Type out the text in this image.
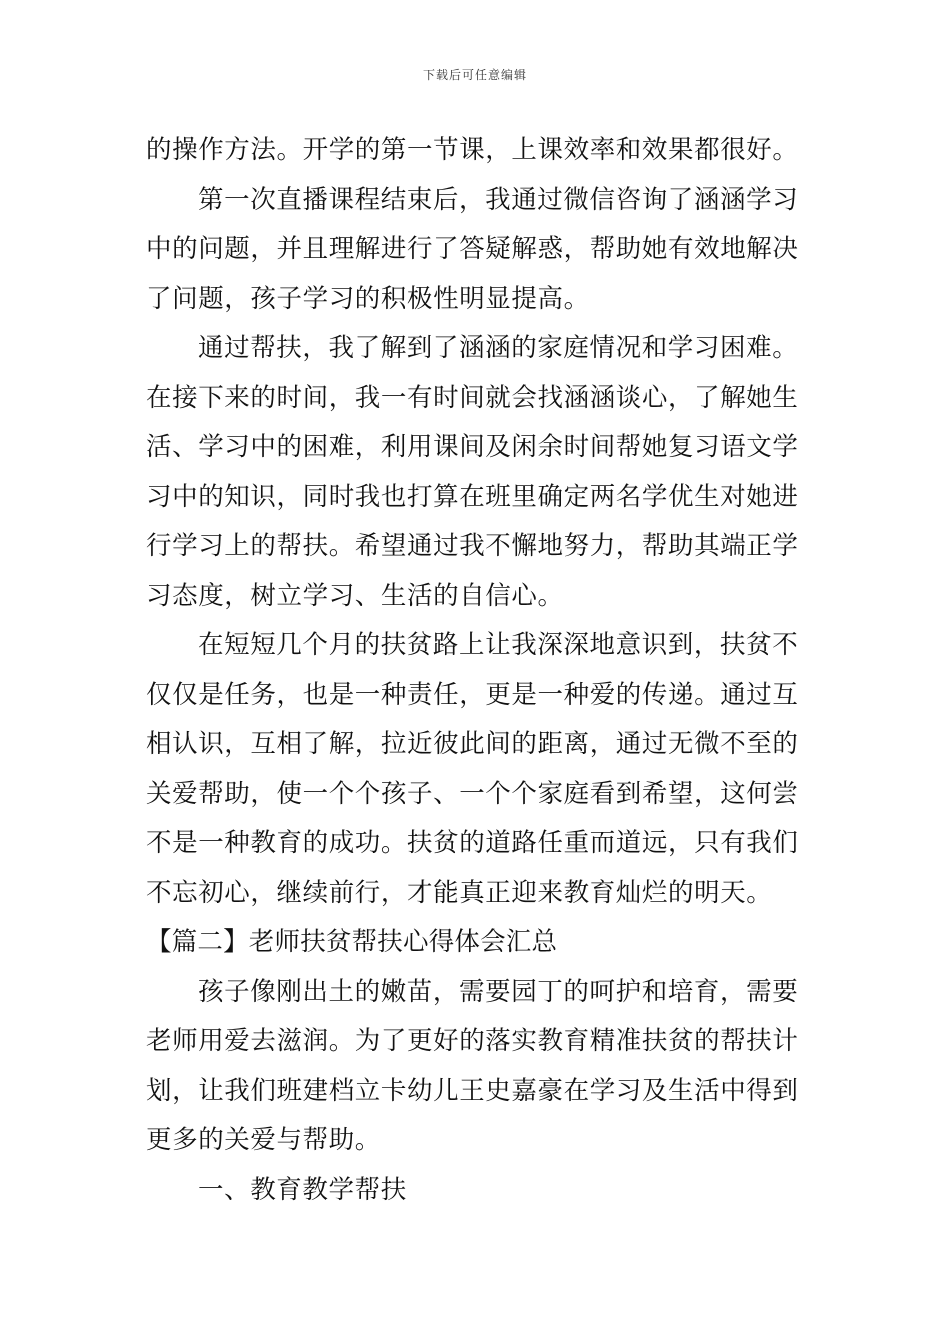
下载后可任意编辑
的操作方法。开学的第一节课，上课效率和效果都很好。
第一次直播课程结束后，我通过微信咨询了涵涵学习
中的问题，并且理解进行了答疑解惑，帮助她有效地解决
了问题，孩子学习的积极性明显提高。
通过帮扶，我了解到了涵涵的家庭情况和学习困难。
在接下来的时间，我一有时间就会找涵涵谈心，了解她生
活、学习中的困难，利用课间及闲余时间帮她复习语文学
习中的知识，同时我也打算在班里确定两名学优生对她进
行学习上的帮扶。希望通过我不懈地努力，帮助其端正学
习态度，树立学习、生活的自信心。
在短短几个月的扶贫路上让我深深地意识到，扶贫不
仅仅是任务，也是一种责任，更是一种爱的传递。通过互
相认识，互相了解，拉近彼此间的距离，通过无微不至的
关爱帮助，使一个个孩子、一个个家庭看到希望，这何尝
不是一种教育的成功。扶贫的道路任重而道远，只有我们
不忘初心，继续前行，才能真正迎来教育灿烂的明天。
【篇二】老师扶贫帮扶心得体会汇总
孩子像刚出土的嫩苗，需要园丁的呵护和培育，需要
老师用爱去滋润。为了更好的落实教育精准扶贫的帮扶计
划，让我们班建档立卡幼儿王史嘉豪在学习及生活中得到
更多的关爱与帮助。
一、教育教学帮扶
